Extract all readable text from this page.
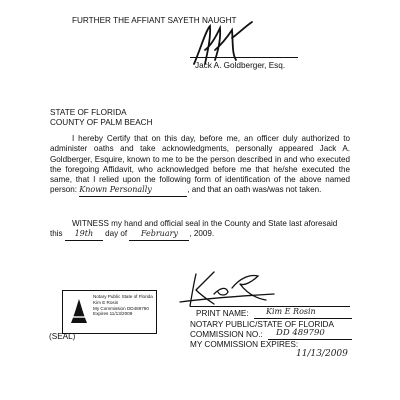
FURTHER THE AFFIANT SAYETH NAUGHT
Jack A. Goldberger, Esq.
STATE OF FLORIDA
COUNTY OF PALM BEACH
I hereby Certify that on this day, before me, an officer duly authorized to administer oaths and take acknowledgments, personally appeared Jack A. Goldberger, Esquire, known to me to be the person described in and who executed the foregoing Affidavit, who acknowledged before me that he/she executed the same, that I relied upon the following form of identification of the above named person: Known Personally	, and that an oath was/was not taken.
WITNESS my hand and official seal in the County and State last aforesaid
this 19th day of February , 2009.
Notary Public State of Florida
Kim E Rosin
My Commission DD489790
Expires 11/13/2009
(SEAL)
PRINT NAME: Kim E Rosin
NOTARY PUBLIC/STATE OF FLORIDA
COMMISSION NO.: DD 489790
MY COMMISSION EXPIRES:
11/13/2009
